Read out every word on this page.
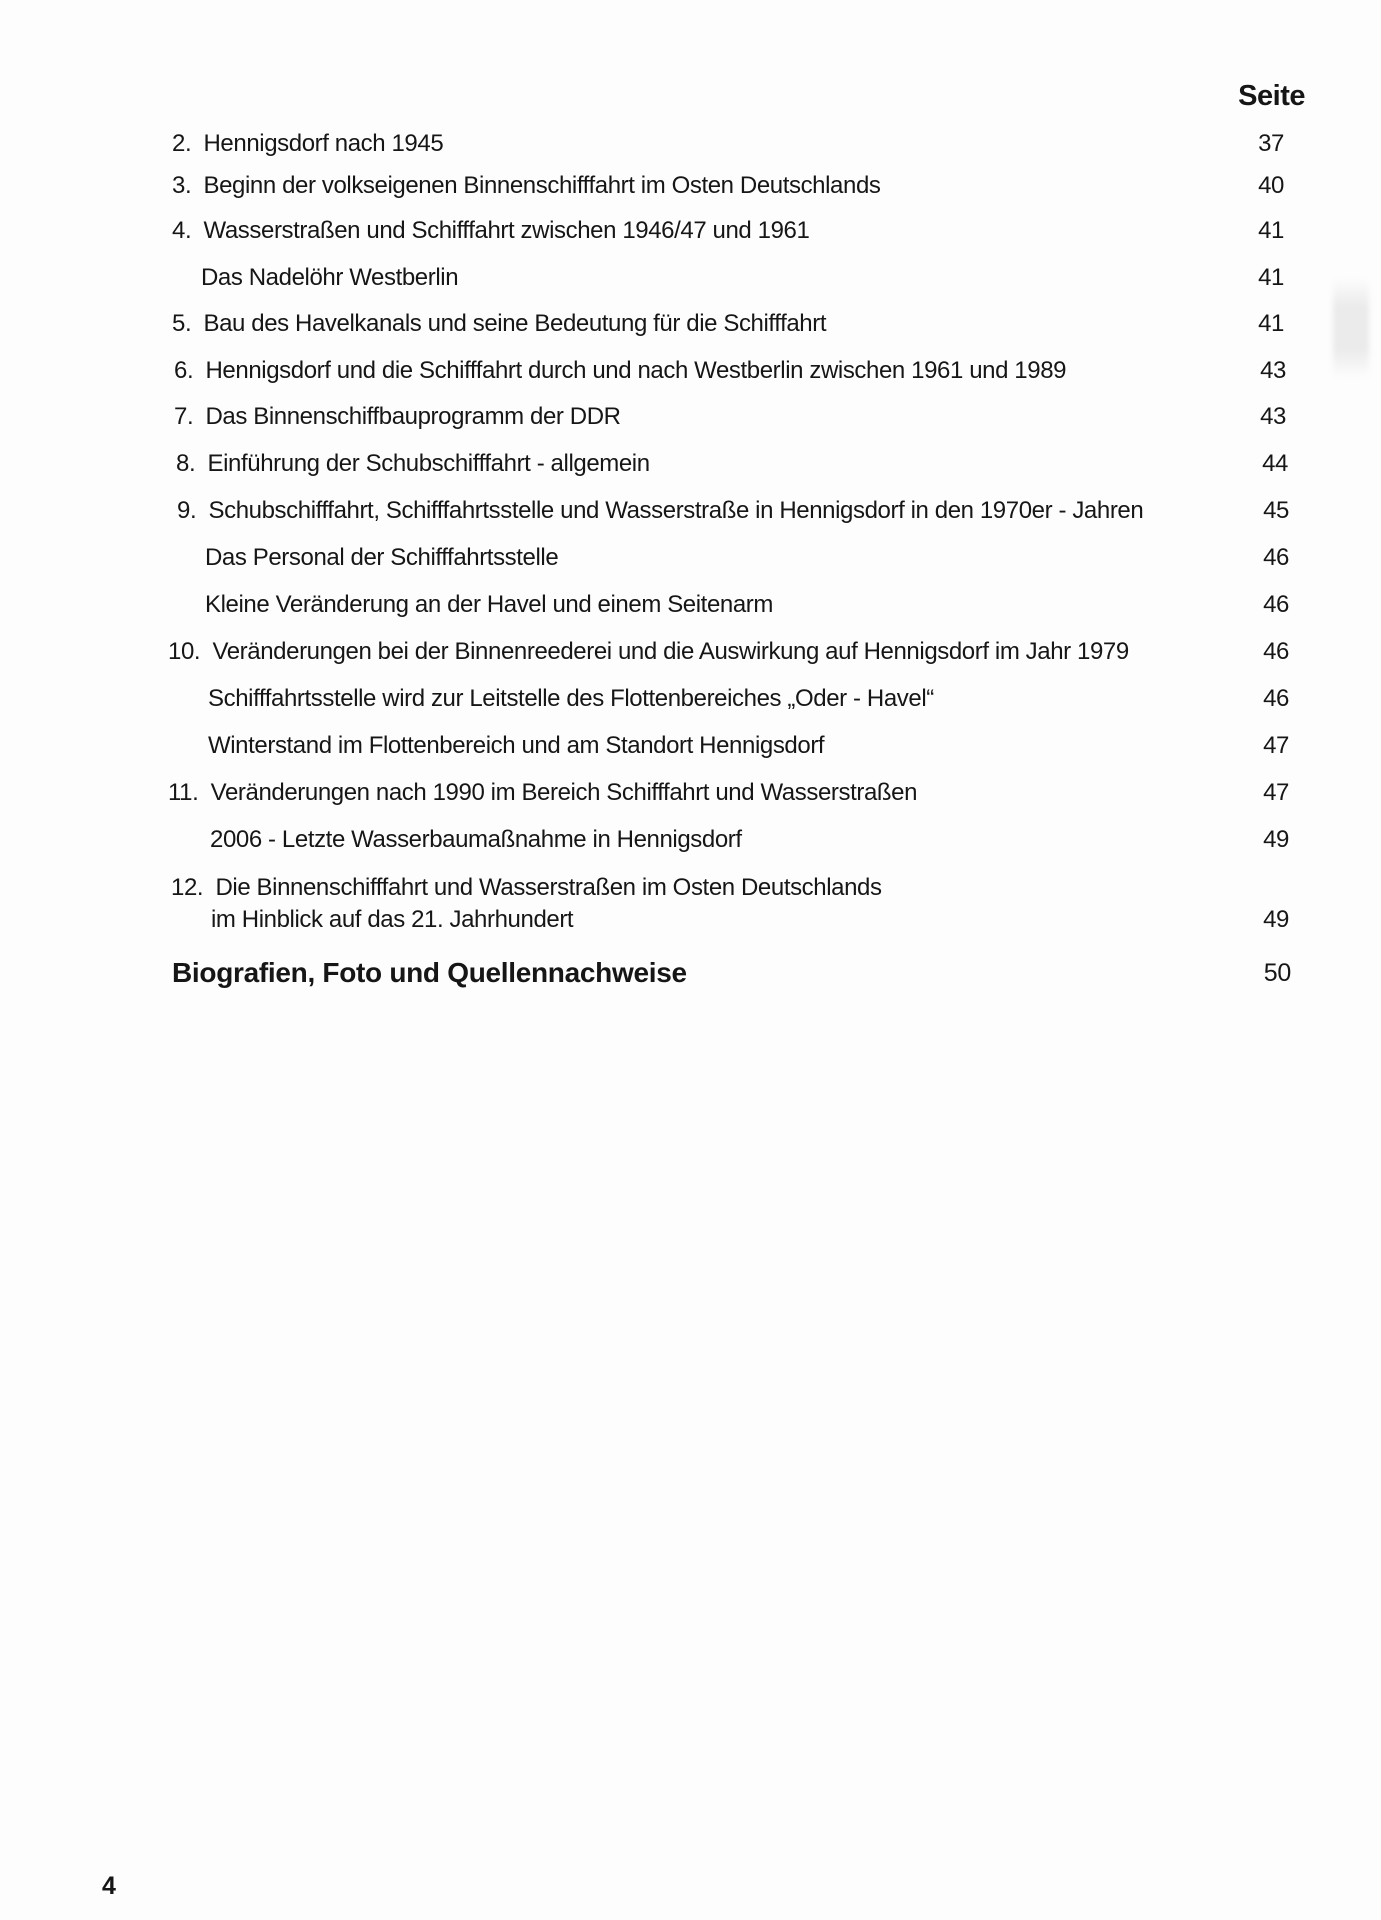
Seite
2. Hennigsdorf nach 1945	37
3. Beginn der volkseigenen Binnenschifffahrt im Osten Deutschlands	40
4. Wasserstraßen und Schifffahrt zwischen 1946/47 und 1961	41
Das Nadelöhr Westberlin	41
5. Bau des Havelkanals und seine Bedeutung für die Schifffahrt	41
6. Hennigsdorf und die Schifffahrt durch und nach Westberlin zwischen 1961 und 1989	43
7. Das Binnenschiffbauprogramm der DDR	43
8. Einführung der Schubschifffahrt - allgemein	44
9. Schubschifffahrt, Schifffahrtsstelle und Wasserstraße in Hennigsdorf in den 1970er - Jahren	45
Das Personal der Schifffahrtsstelle	46
Kleine Veränderung an der Havel und einem Seitenarm	46
10. Veränderungen bei der Binnenreederei und die Auswirkung auf Hennigsdorf im Jahr 1979	46
Schifffahrtsstelle wird zur Leitstelle des Flottenbereiches „Oder - Havel“	46
Winterstand im Flottenbereich und am Standort Hennigsdorf	47
11. Veränderungen nach 1990 im Bereich Schifffahrt und Wasserstraßen	47
2006 - Letzte Wasserbaumaßnahme in Hennigsdorf	49
12. Die Binnenschifffahrt und Wasserstraßen im Osten Deutschlands
im Hinblick auf das 21. Jahrhundert	49
Biografien, Foto und Quellennachweise	50
4
